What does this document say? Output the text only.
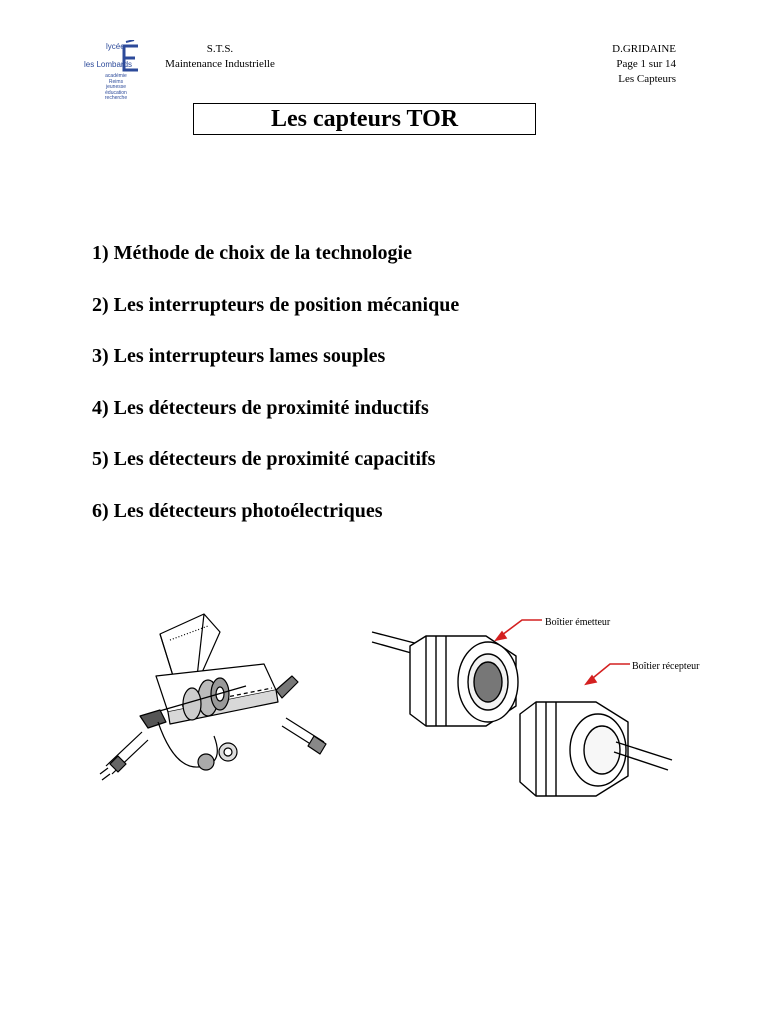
lycée
les Lombards
académie
Reims
jeunesse
éducation
recherche
S.T.S.
Maintenance Industrielle
D.GRIDAINE
Page 1 sur 14
Les Capteurs
Les capteurs TOR
1) Méthode de choix de la technologie
2) Les interrupteurs de position mécanique
3) Les interrupteurs lames souples
4) Les détecteurs de proximité inductifs
5) Les détecteurs de proximité capacitifs
6) Les détecteurs photoélectriques
Boîtier émetteur
Boîtier récepteur
